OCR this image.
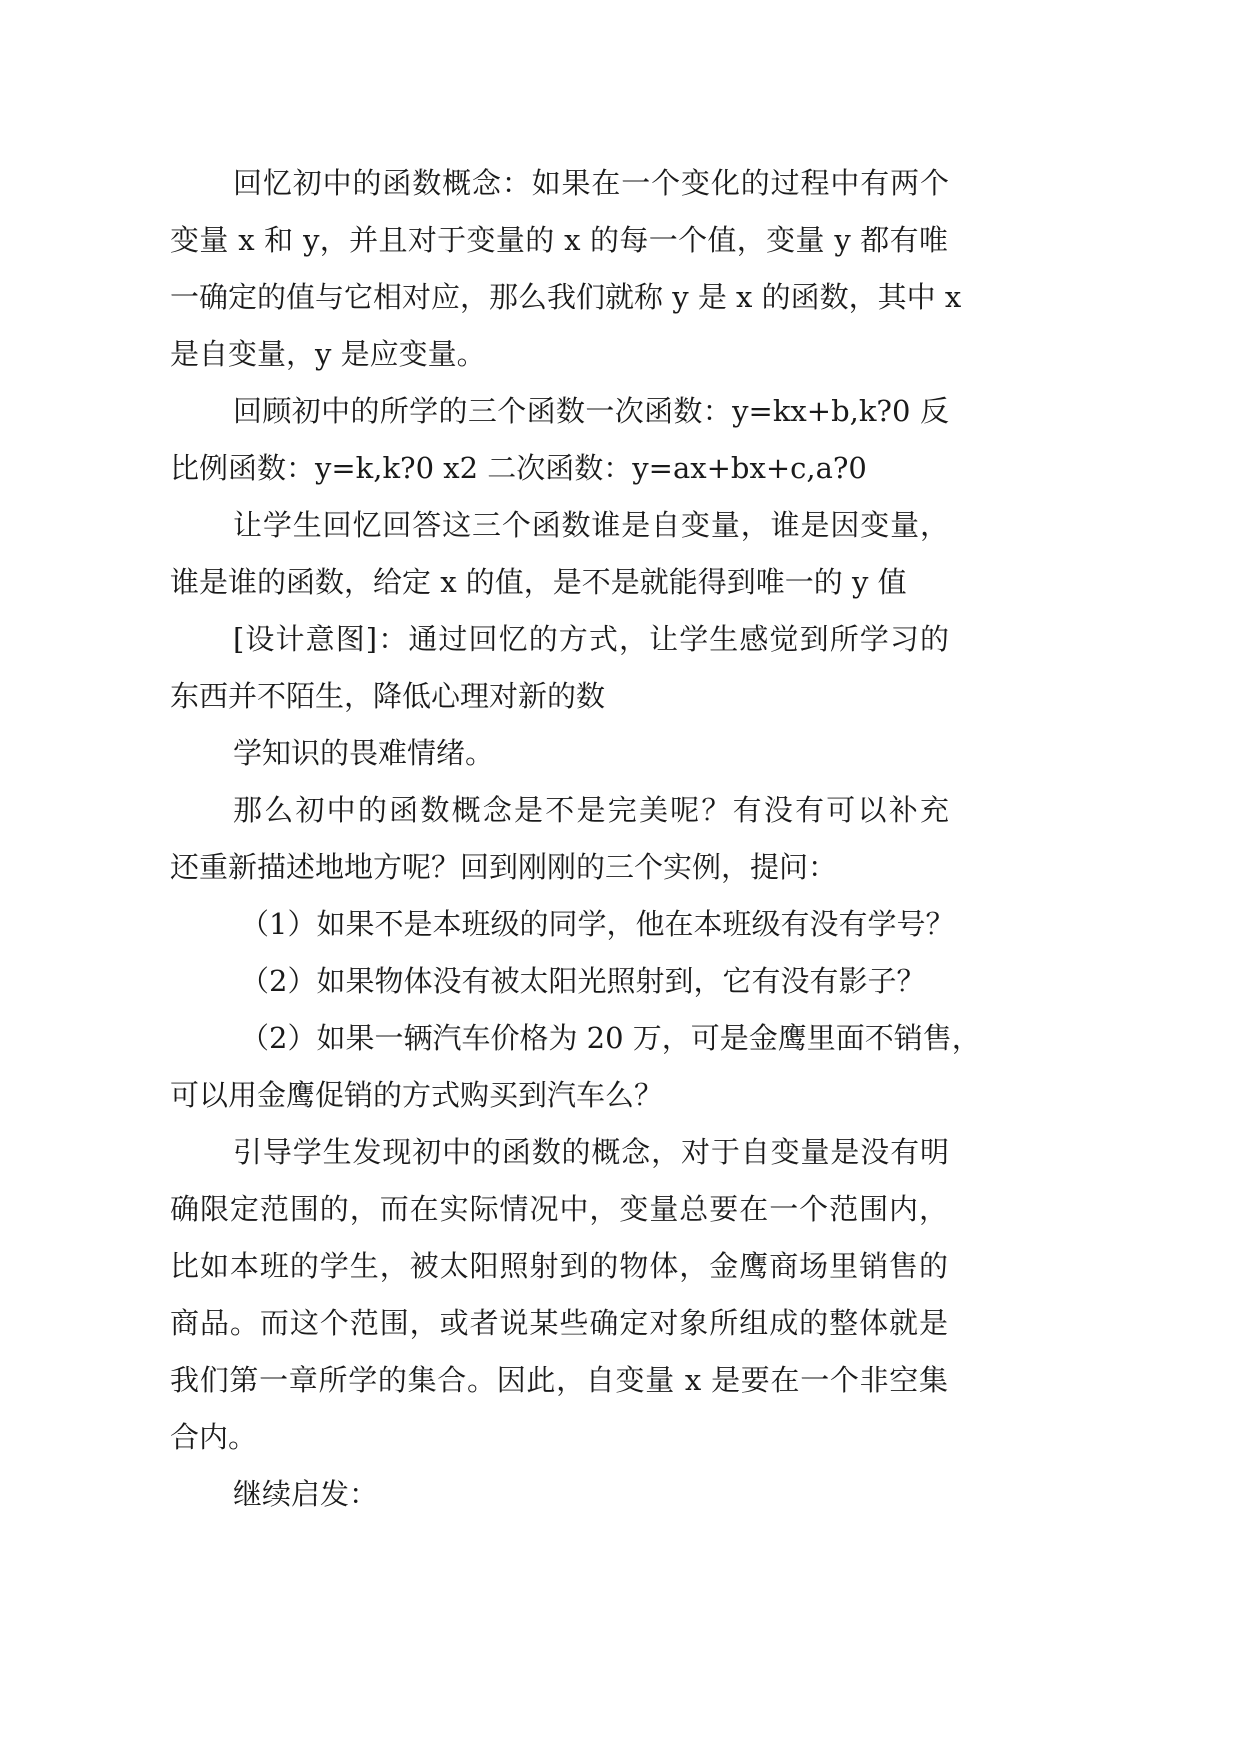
回忆初中的函数概念：如果在一个变化的过程中有两个
变量 x 和 y，并且对于变量的 x 的每一个值，变量 y 都有唯
一确定的值与它相对应，那么我们就称 y 是 x 的函数，其中 x
是自变量，y 是应变量。
回顾初中的所学的三个函数一次函数：y=kx+b,k?0 反
比例函数：y=k,k?0 x2 二次函数：y=ax+bx+c,a?0
让学生回忆回答这三个函数谁是自变量，谁是因变量，
谁是谁的函数，给定 x 的值，是不是就能得到唯一的 y 值
[设计意图]：通过回忆的方式，让学生感觉到所学习的
东西并不陌生，降低心理对新的数
学知识的畏难情绪。
那么初中的函数概念是不是完美呢？有没有可以补充
还重新描述地地方呢？回到刚刚的三个实例，提问：
（1）如果不是本班级的同学，他在本班级有没有学号？
（2）如果物体没有被太阳光照射到，它有没有影子？
（2）如果一辆汽车价格为 20 万，可是金鹰里面不销售，
可以用金鹰促销的方式购买到汽车么？
引导学生发现初中的函数的概念，对于自变量是没有明
确限定范围的，而在实际情况中，变量总要在一个范围内，
比如本班的学生，被太阳照射到的物体，金鹰商场里销售的
商品。而这个范围，或者说某些确定对象所组成的整体就是
我们第一章所学的集合。因此，自变量 x 是要在一个非空集
合内。
继续启发：
